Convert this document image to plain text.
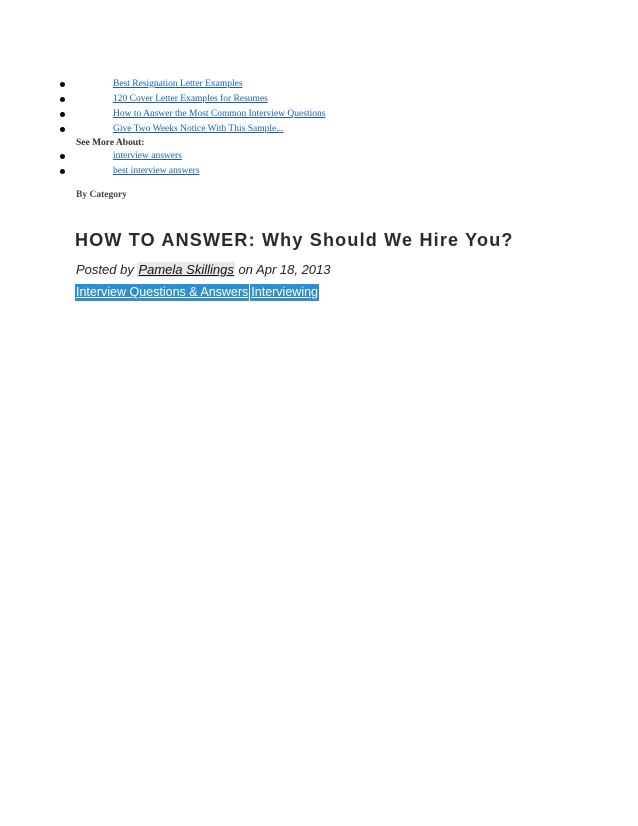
Best Resignation Letter Examples
120 Cover Letter Examples for Resumes
How to Answer the Most Common Interview Questions
Give Two Weeks Notice With This Sample...
See More About:
interview answers
best interview answers
By Category
HOW TO ANSWER: Why Should We Hire You?
Posted by Pamela Skillings on Apr 18, 2013
Interview Questions & Answers Interviewing
